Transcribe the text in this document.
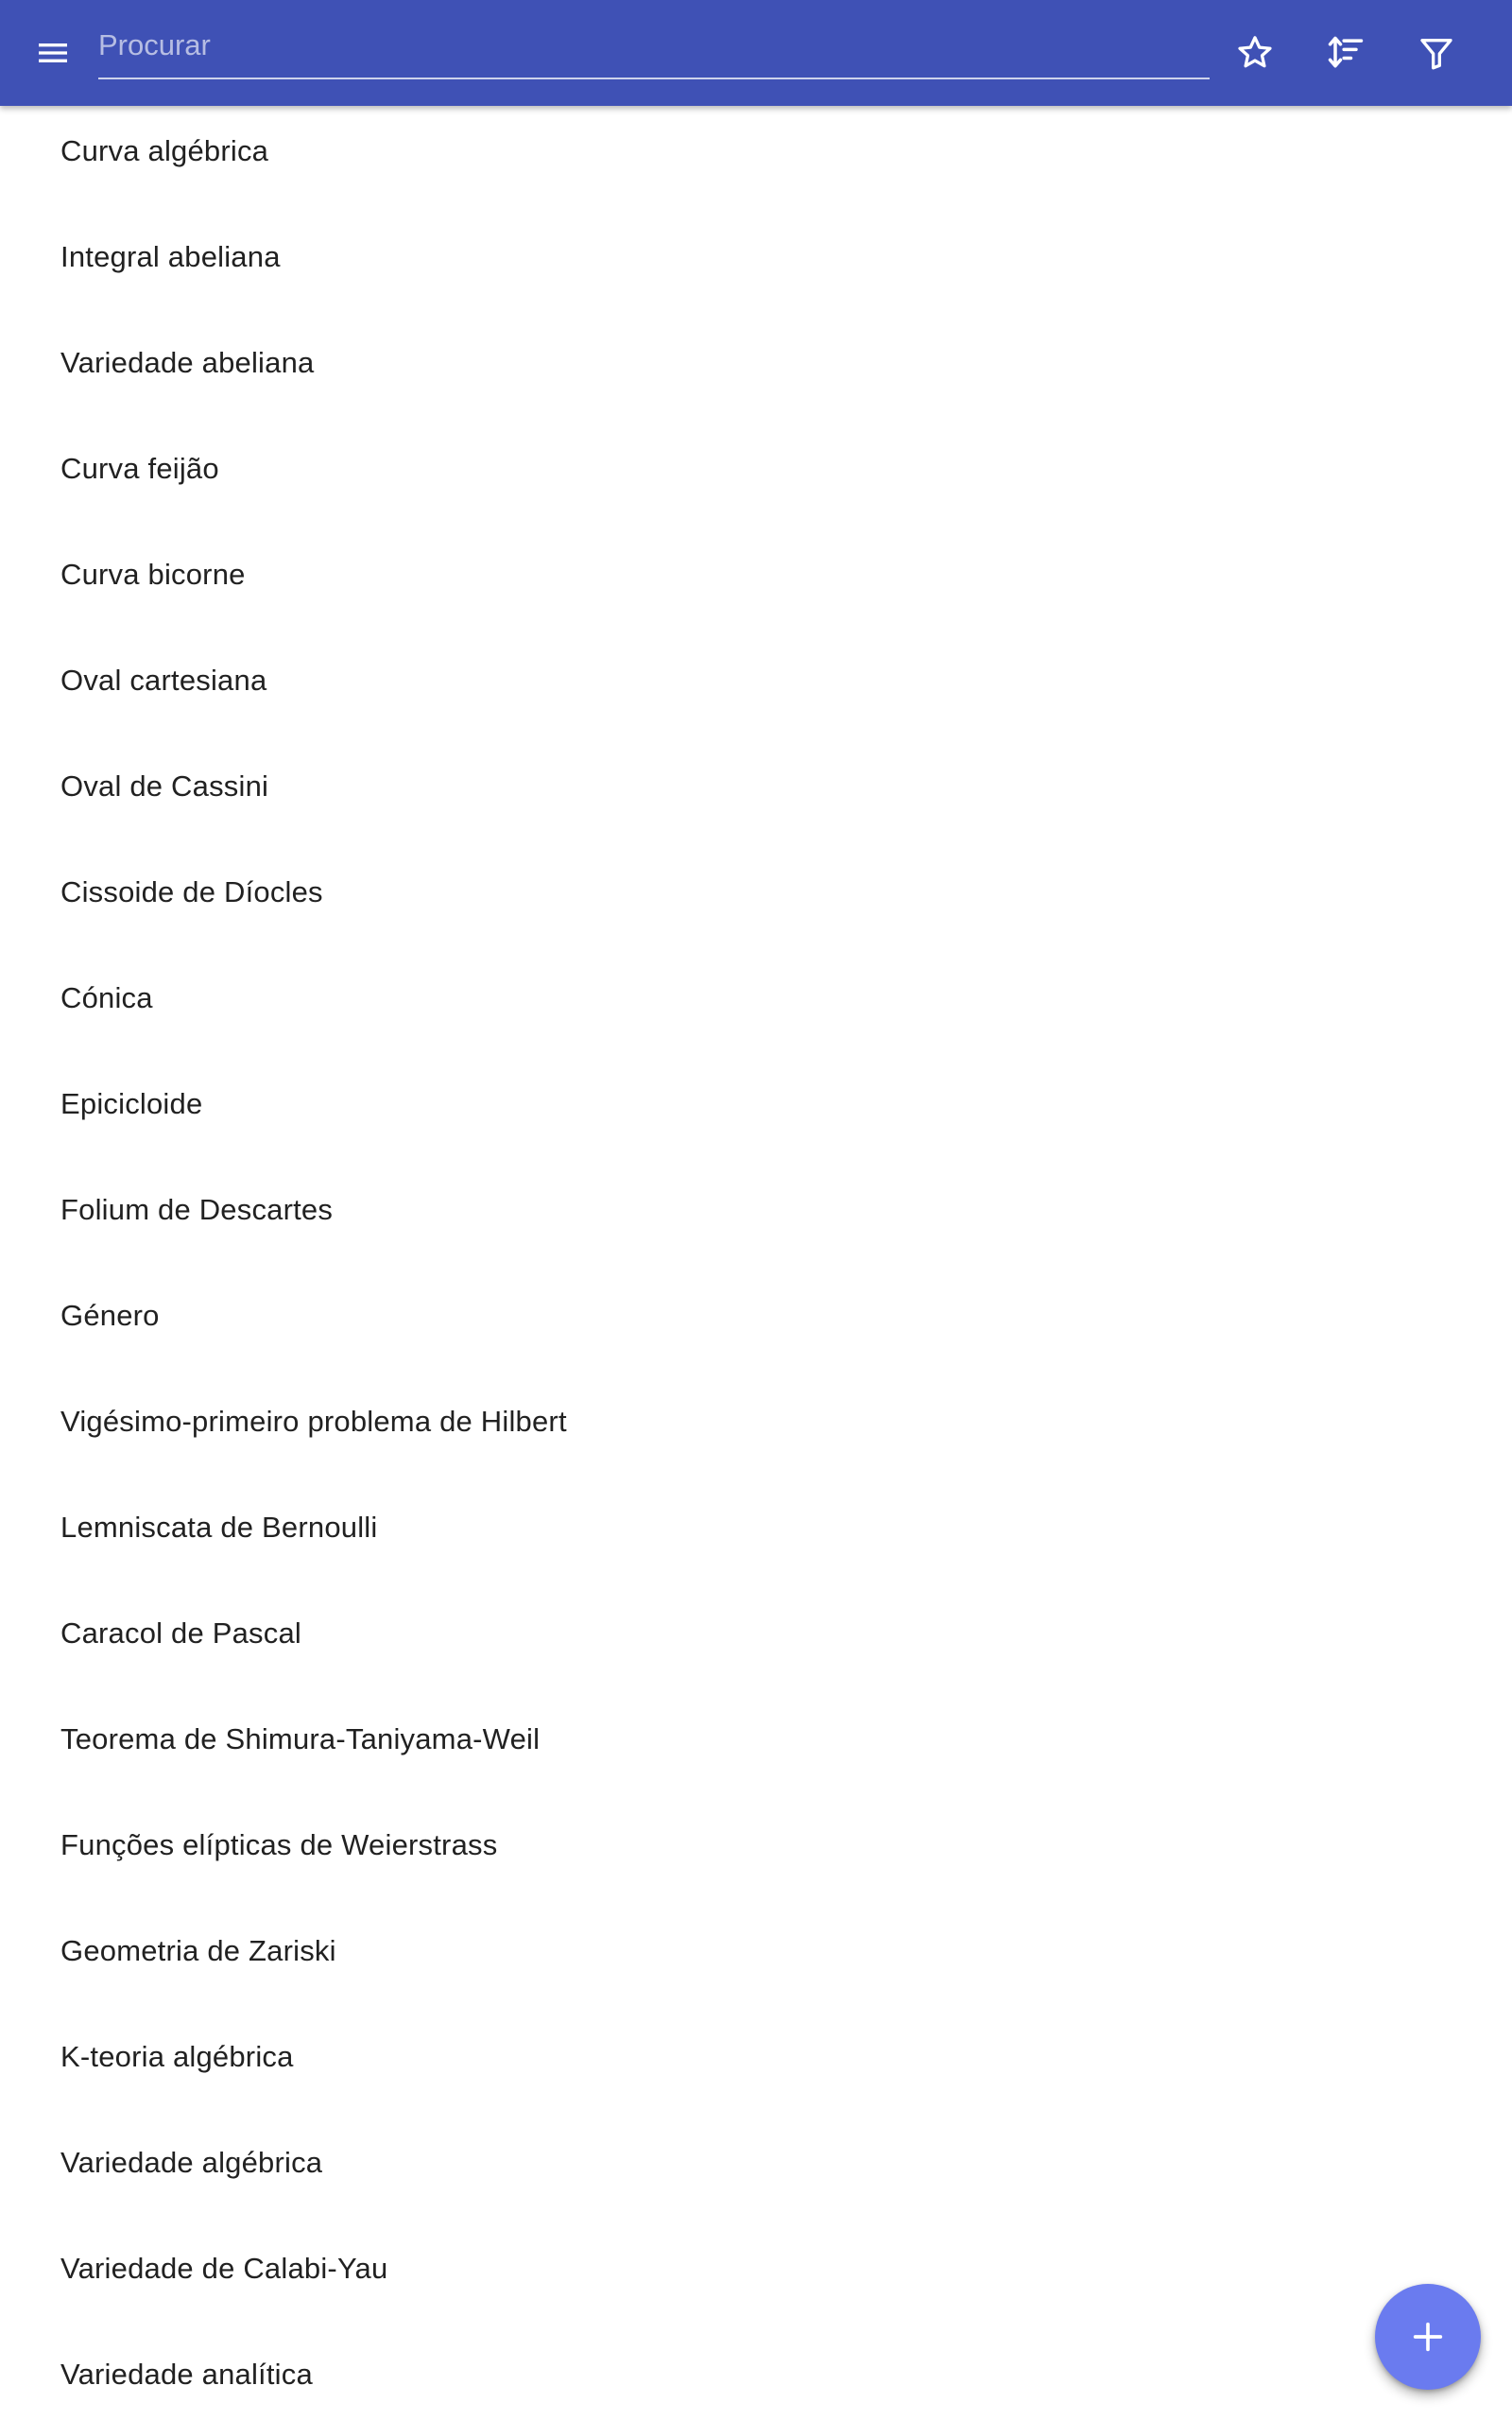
Procurar
Curva algébrica
Integral abeliana
Variedade abeliana
Curva feijão
Curva bicorne
Oval cartesiana
Oval de Cassini
Cissoide de Díocles
Cónica
Epicicloide
Folium de Descartes
Género
Vigésimo-primeiro problema de Hilbert
Lemniscata de Bernoulli
Caracol de Pascal
Teorema de Shimura-Taniyama-Weil
Funções elípticas de Weierstrass
Geometria de Zariski
K-teoria algébrica
Variedade algébrica
Variedade de Calabi-Yau
Variedade analítica
